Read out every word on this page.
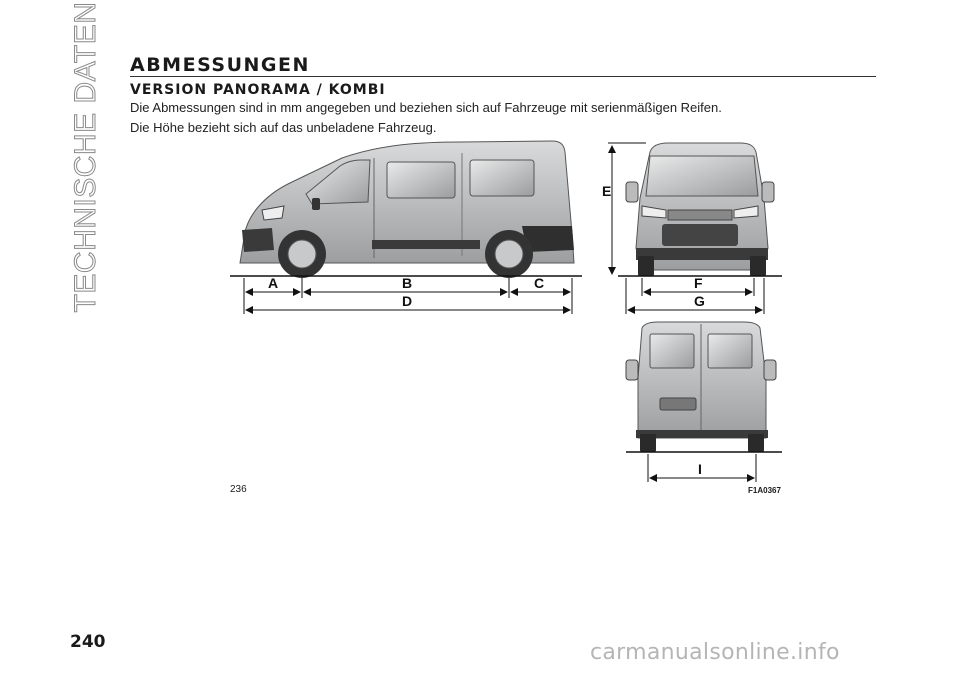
TECHNISCHE DATEN ABMESSUNGEN
VERSION PANORAMA / KOMBI
Die Abmessungen sind in mm angegeben und beziehen sich auf Fahrzeuge mit serienmäßigen Reifen.
Die Höhe bezieht sich auf das unbeladene Fahrzeug.
A	B	C
D
E
F
G
I
236	F1A0367
240	carmanualsonline.info
